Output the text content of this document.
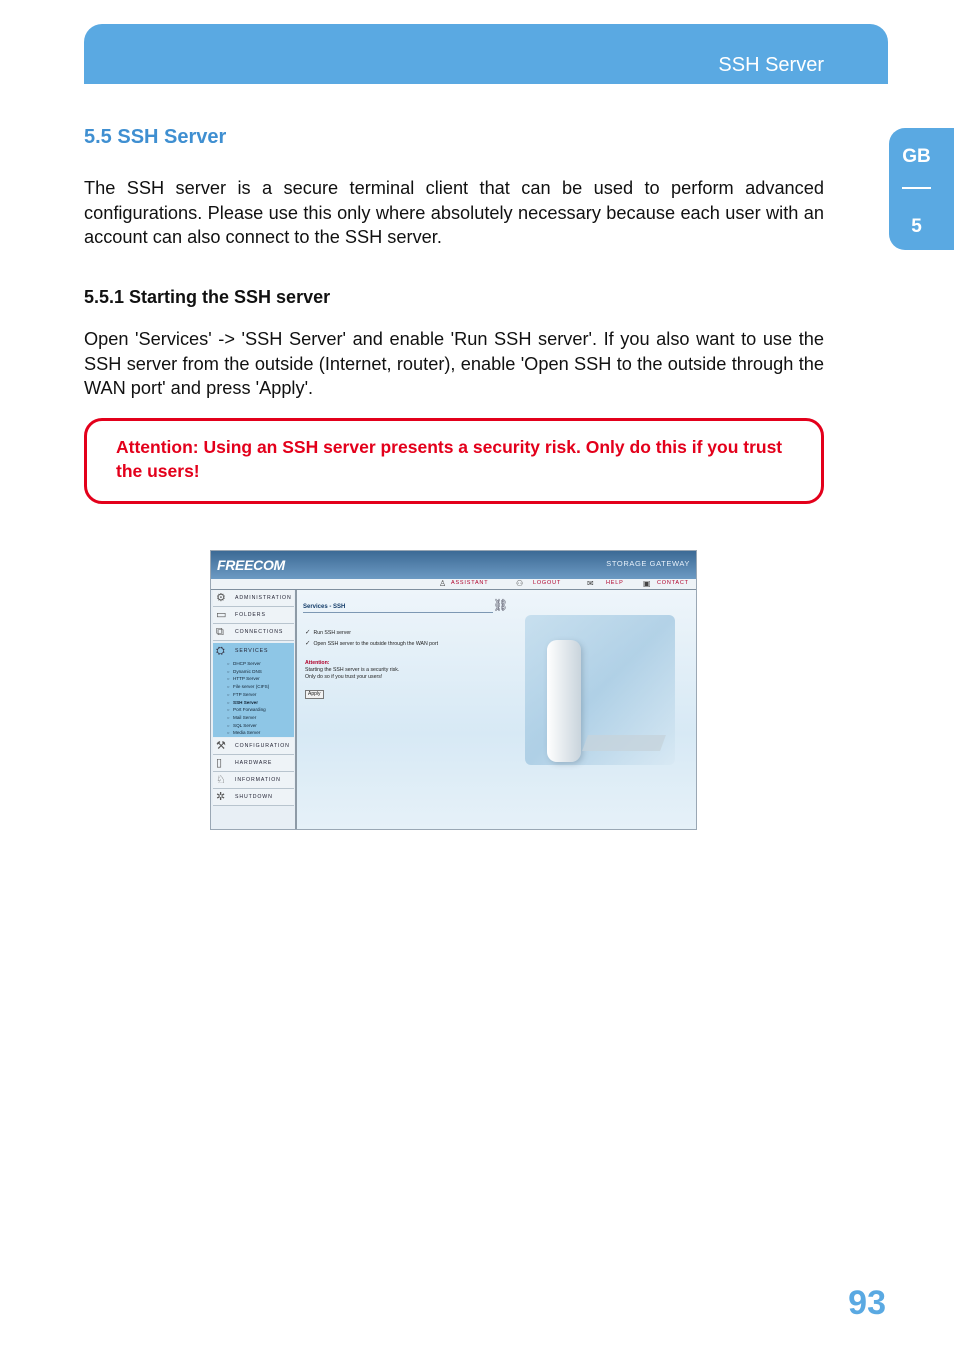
SSH Server
GB
5
5.5 SSH Server

The SSH server is a secure terminal client that can be used to perform advanced configurations. Please use this only where absolutely necessary because each user with an account can also connect to the SSH server.

5.5.1 Starting the SSH server

Open 'Services' -> 'SSH Server' and enable 'Run SSH server'. If you also want to use the SSH server from the outside (Internet, router), enable 'Open SSH to the outside through the WAN port' and press 'Apply'.

Attention: Using an SSH server presents a security risk. Only do this if you trust the users!

FREECOM	STORAGE GATEWAY
♙ ASSISTANT	⚇ LOGOUT	✉ HELP ▣ CONTACT
⚙ ADMINISTRATION
▭ FOLDERS
⧉ CONNECTIONS
⛭ SERVICES
○ DHCP Server
○ Dynamic DNS
○ HTTP Server
○ File server (CIFS)
○ FTP Server
○ SSH Server
○ Port Forwarding
○ Mail Server
○ SQL Server
○ Media Server
⚒ CONFIGURATION
▯ HARDWARE
♘ INFORMATION
✲ SHUTDOWN
Services - SSH	⛓
✓ Run SSH server
✓ Open SSH server to the outside through the WAN port
Attention:
Starting the SSH server is a security risk.
Only do so if you trust your users!
Apply
93
